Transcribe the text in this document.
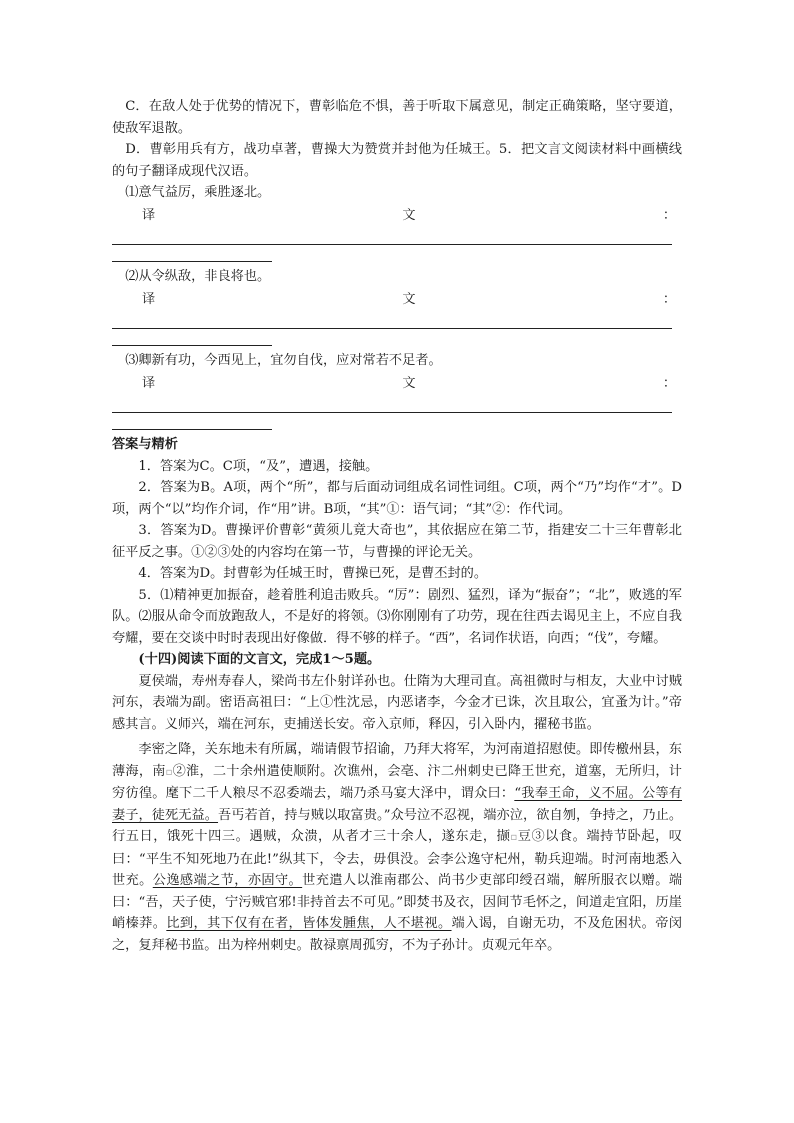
C．在敌人处于优势的情况下，曹彰临危不惧，善于听取下属意见，制定正确策略，坚守要道，使敌军退散。

D．曹彰用兵有方，战功卓著，曹操大为赞赏并封他为任城王。5．把文言文阅读材料中画横线的句子翻译成现代汉语。

⑴意气益厉，乘胜逐北。

译	文	：

⑵从令纵敌，非良将也。

译	文	：

⑶卿新有功，今西见上，宜勿自伐，应对常若不足者。

译	文	：

答案与精析

1．答案为C。C项，“及”，遭遇，接触。

2．答案为B。A项，两个“所”，都与后面动词组成名词性词组。C项，两个“乃”均作“才”。D项，两个“以”均作介词，作“用”讲。B项，“其”①：语气词；“其”②：作代词。

3．答案为D。曹操评价曹彰“黄须儿竟大奇也”，其依据应在第二节，指建安二十三年曹彰北征平反之事。①②③处的内容均在第一节，与曹操的评论无关。

4．答案为D。封曹彰为任城王时，曹操已死，是曹丕封的。

5．⑴精神更加振奋，趁着胜利追击败兵。“厉”：剧烈、猛烈，译为“振奋”；“北”，败逃的军队。⑵服从命令而放跑敌人，不是好的将领。⑶你刚刚有了功劳，现在往西去谒见主上，不应自我夸耀，要在交谈中时时表现出好像做．得不够的样子。“西”，名词作状语，向西；“伐”，夸耀。

(十四)阅读下面的文言文，完成1～5题。

夏侯端，寿州寿春人，梁尚书左仆射详孙也。仕隋为大理司直。高祖微时与相友，大业中讨贼河东，表端为副。密语高祖曰：“上①性沈忌，内恶诸李，今金才已诛，次且取公，宜蚤为计。”帝感其言。义师兴，端在河东，吏捕送长安。帝入京师，释囚，引入卧内，擢秘书监。

李密之降，关东地未有所属，端请假节招谕，乃拜大将军，为河南道招慰使。即传檄州县，东薄海，南▫②淮，二十余州遣使顺附。次谯州，会亳、汴二州刺史已降王世充，道塞，无所归，计穷彷徨。麾下二千人粮尽不忍委端去，端乃杀马宴大泽中，谓众曰：“我奉王命，义不屈。公等有妻子，徒死无益。吾丐若首，持与贼以取富贵。”众号泣不忍视，端亦泣，欲自刎，争持之，乃止。行五日，饿死十四三。遇贼，众溃，从者才三十余人，遂东走，撷▫豆③以食。端持节卧起，叹曰：“平生不知死地乃在此!”纵其下，令去，毋俱没。会李公逸守杞州，勒兵迎端。时河南地悉入世充。公逸感端之节，亦固守。世充遣人以淮南郡公、尚书少吏部印绶召端，解所服衣以赠。端曰：“吾，天子使，宁污贼官邪!非持首去不可见。”即焚书及衣，因间节毛怀之，间道走宜阳，历崖峭榛莽。比到，其下仅有在者，皆体发腫焦，人不堪视。端入谒，自谢无功，不及危困状。帝闵之，复拜秘书监。出为梓州刺史。散禄禀周孤穷，不为子孙计。贞观元年卒。
